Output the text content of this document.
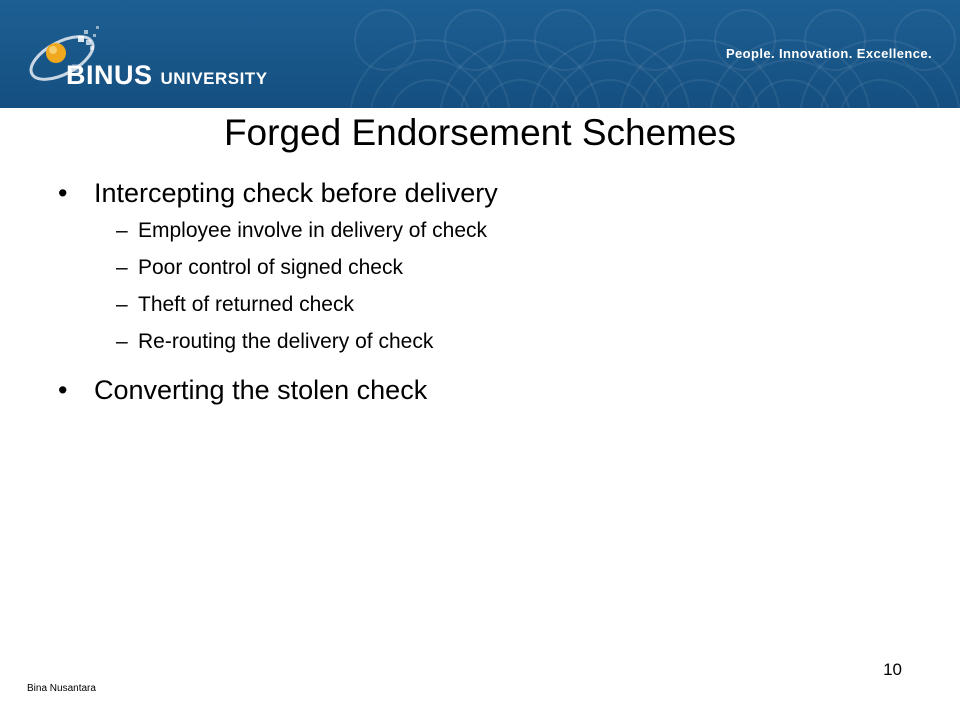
BINUS UNIVERSITY
People. Innovation. Excellence.
Forged Endorsement Schemes
• Intercepting check before delivery
– Employee involve in delivery of check
– Poor control of signed check
– Theft of returned check
– Re-routing the delivery of check
• Converting the stolen check
Bina Nusantara
10
